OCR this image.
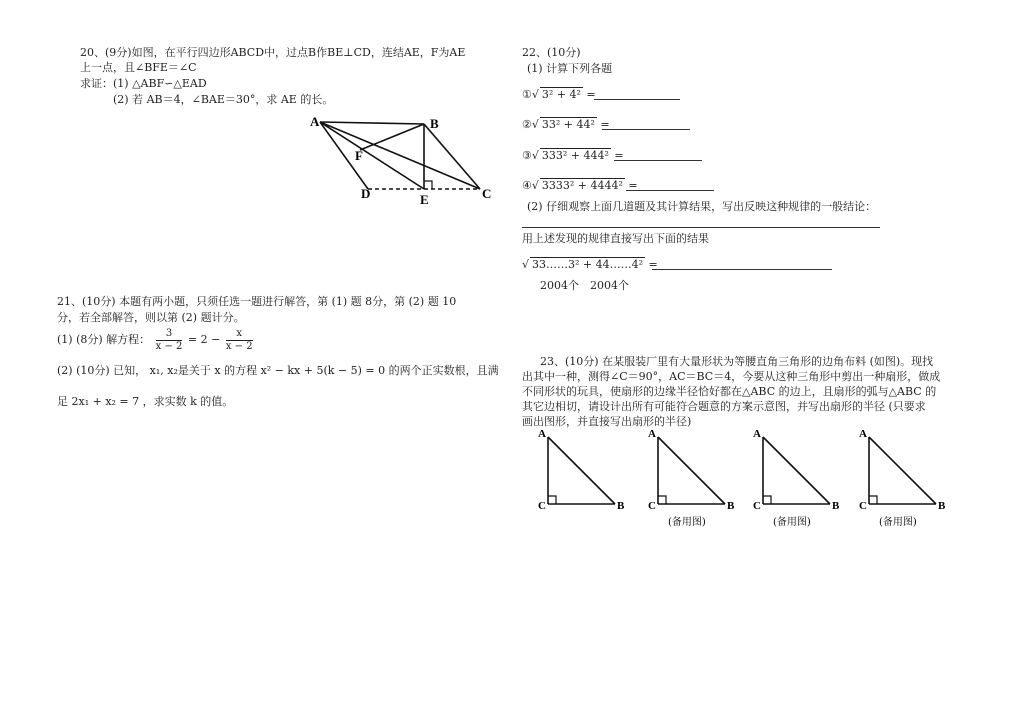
20、(9分)如图，在平行四边形ABCD中，过点B作BE⊥CD，连结AE，F为AE
上一点，且∠BFE＝∠C
求证：(1) △ABF∽△EAD
(2) 若 AB＝4，∠BAE＝30°，求 AE 的长。
A	B
C
D	E
F
21、(10分) 本题有两小题，只须任选一题进行解答，第 (1) 题 8分，第 (2) 题 10
分，若全部解答，则以第 (2) 题计分。
(1) (8分) 解方程： $\frac{3}{x - 2} = 2 - \frac{x}{x - 2}$
(2) (10分) 已知， x₁, x₂是关于 x 的方程 x² − kx + 5(k − 5) = 0 的两个正实数根，且满
足 2x₁ + x₂ = 7 ，求实数 k 的值。
22、(10分)
(1) 计算下列各题
①√ 3² + 4² =
②√ 33² + 44² =
③√ 333² + 444² =
④√ 3333² + 4444² =
(2) 仔细观察上面几道题及其计算结果，写出反映这种规律的一般结论：
用上述发现的规律直接写出下面的结果
√ 33……3² + 44……4² =
2004个 2004个
23、(10分) 在某服装厂里有大量形状为等腰直角三角形的边角布料 (如图)。现找
出其中一种，测得∠C＝90°，AC＝BC＝4，今要从这种三角形中剪出一种扇形，做成
不同形状的玩具，使扇形的边缘半径恰好都在△ABC 的边上，且扇形的弧与△ABC 的
其它边相切，请设计出所有可能符合题意的方案示意图，并写出扇形的半径 (只要求
画出图形，并直接写出扇形的半径)
A
C	B
A
C	B
(备用图)
A
C	B
(备用图)
A
C	B
(备用图)
